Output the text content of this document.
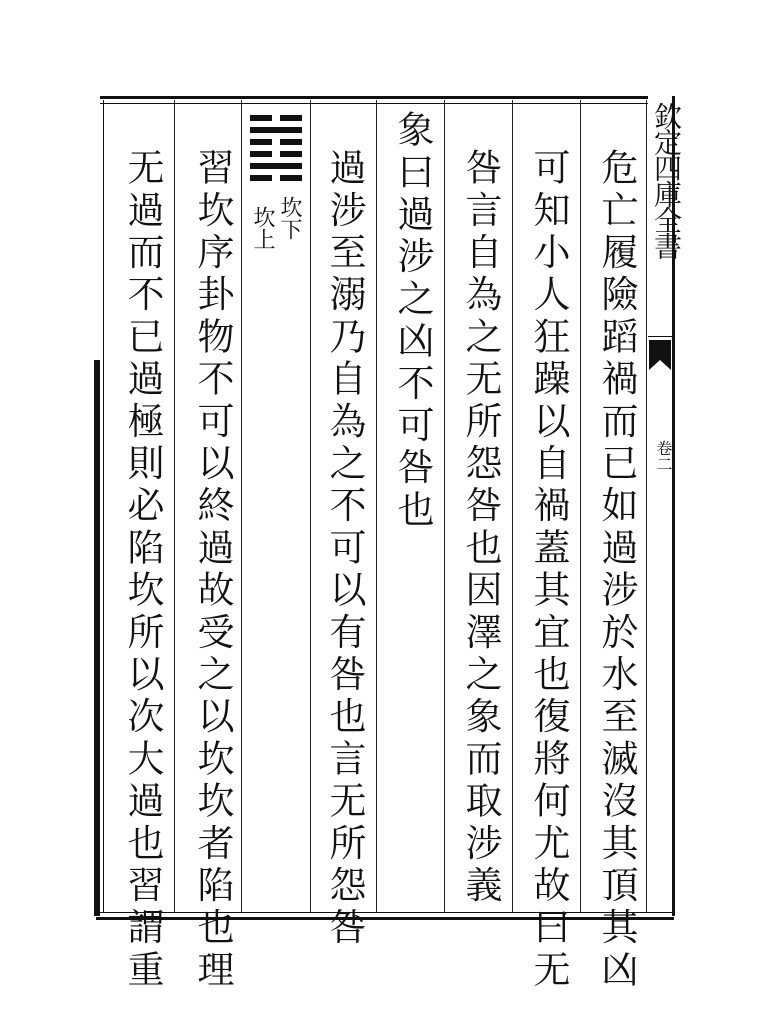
欽定四庫全書
卷二
危亡履險蹈禍而已如過涉於水至滅沒其頂其凶
可知小人狂躁以自禍蓋其宜也復將何尤故曰无
咎言自為之无所怨咎也因澤之象而取涉義
象曰過涉之凶不可咎也
過涉至溺乃自為之不可以有咎也言无所怨咎
坎下
坎上
習坎序卦物不可以終過故受之以坎坎者陷也理
无過而不已過極則必陷坎所以次大過也習謂重
